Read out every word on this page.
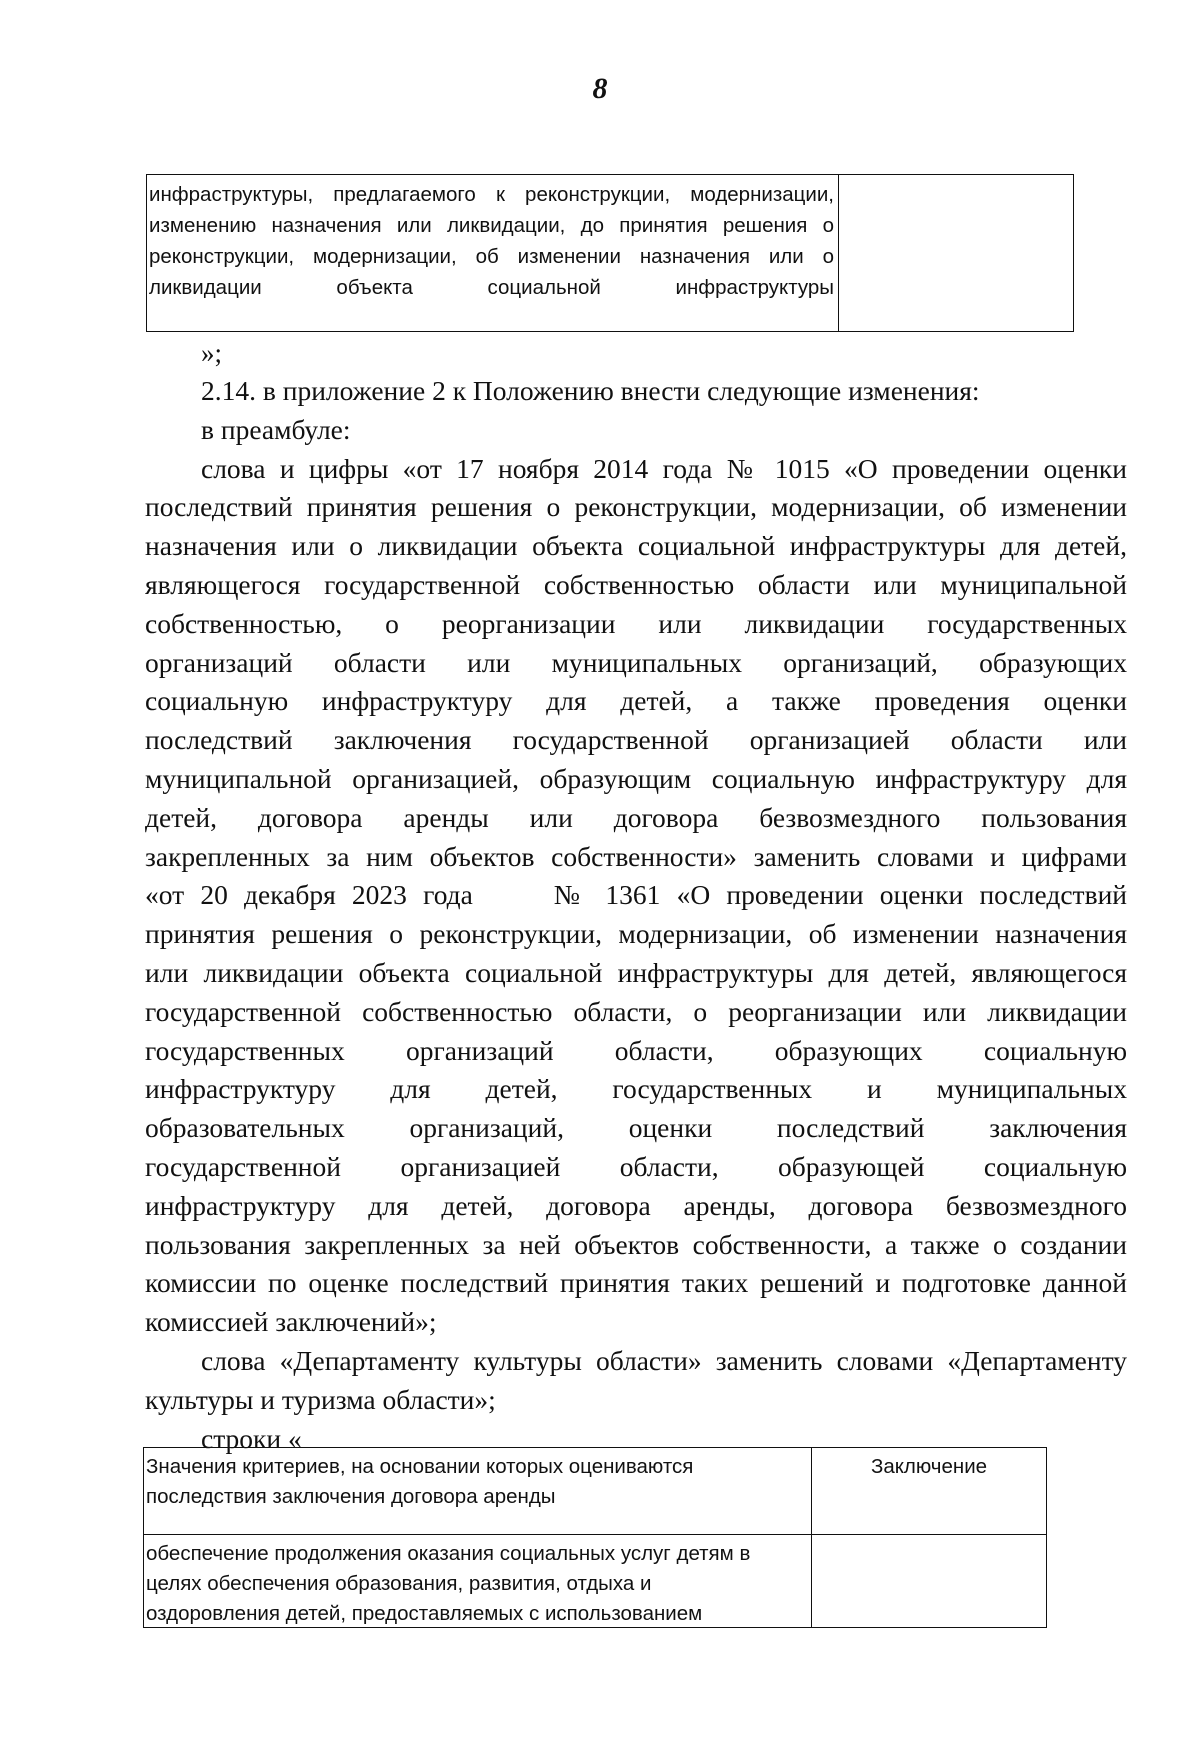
8
инфраструктуры, предлагаемого к реконструкции, модернизации,
изменению назначения или ликвидации, до принятия решения о
реконструкции, модернизации, об изменении назначения или о
ликвидации объекта социальной инфраструктуры
»;

2.14. в приложение 2 к Положению внести следующие изменения:

в преамбуле:

слова и цифры «от 17 ноября 2014 года № 1015 «О проведении оценки
последствий принятия решения о реконструкции, модернизации, об изменении
назначения или о ликвидации объекта социальной инфраструктуры для детей,
являющегося государственной собственностью области или муниципальной
собственностью, о реорганизации или ликвидации государственных
организаций области или муниципальных организаций, образующих
социальную инфраструктуру для детей, а также проведения оценки
последствий заключения государственной организацией области или
муниципальной организацией, образующим социальную инфраструктуру для
детей, договора аренды или договора безвозмездного пользования
закрепленных за ним объектов собственности» заменить словами и цифрами
«от 20 декабря 2023 года     № 1361 «О проведении оценки последствий
принятия решения о реконструкции, модернизации, об изменении назначения
или ликвидации объекта социальной инфраструктуры для детей, являющегося
государственной собственностью области, о реорганизации или ликвидации
государственных организаций области, образующих социальную
инфраструктуру для детей, государственных и муниципальных
образовательных организаций, оценки последствий заключения
государственной организацией области, образующей социальную
инфраструктуру для детей, договора аренды, договора безвозмездного
пользования закрепленных за ней объектов собственности, а также о создании
комиссии по оценке последствий принятия таких решений и подготовке данной
комиссией заключений»;

слова «Департаменту культуры области» заменить словами «Департаменту
культуры и туризма области»;

строки «

Значения критериев, на основании которых оцениваются
последствия заключения договора аренды
Заключение
обеспечение продолжения оказания социальных услуг детям в
целях обеспечения образования, развития, отдыха и
оздоровления детей, предоставляемых с использованием
